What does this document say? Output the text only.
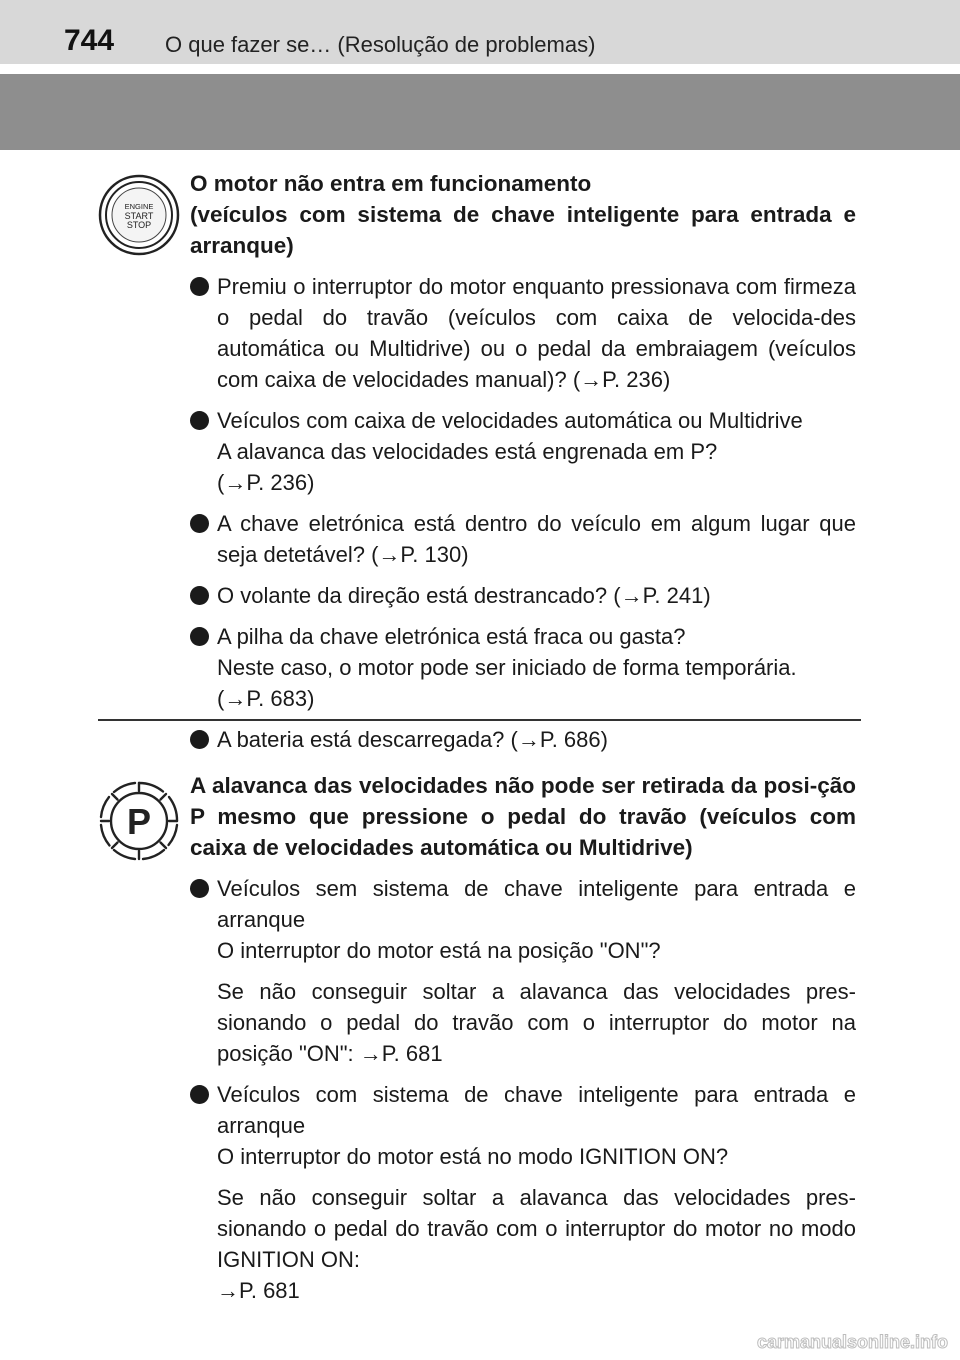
744 O que fazer se… (Resolução de problemas)
ENGINE
START
STOP
O motor não entra em funcionamento
(veículos com sistema de chave inteligente para entrada e arranque)
Premiu o interruptor do motor enquanto pressionava com firmeza o pedal do travão (veículos com caixa de velocida-des automática ou Multidrive) ou o pedal da embraiagem (veículos com caixa de velocidades manual)? (→P. 236)
Veículos com caixa de velocidades automática ou Multidrive
A alavanca das velocidades está engrenada em P?
(→P. 236)
A chave eletrónica está dentro do veículo em algum lugar que seja detetável? (→P. 130)
O volante da direção está destrancado? (→P. 241)
A pilha da chave eletrónica está fraca ou gasta?
Neste caso, o motor pode ser iniciado de forma temporária.
(→P. 683)
A bateria está descarregada? (→P. 686)
P
A alavanca das velocidades não pode ser retirada da posi-ção P mesmo que pressione o pedal do travão (veículos com caixa de velocidades automática ou Multidrive)
Veículos sem sistema de chave inteligente para entrada e arranque
O interruptor do motor está na posição "ON"?
Se não conseguir soltar a alavanca das velocidades pres-sionando o pedal do travão com o interruptor do motor na posição "ON": →P. 681
Veículos com sistema de chave inteligente para entrada e arranque
O interruptor do motor está no modo IGNITION ON?
Se não conseguir soltar a alavanca das velocidades pres-sionando o pedal do travão com o interruptor do motor no modo IGNITION ON:
→P. 681
carmanualsonline.info
